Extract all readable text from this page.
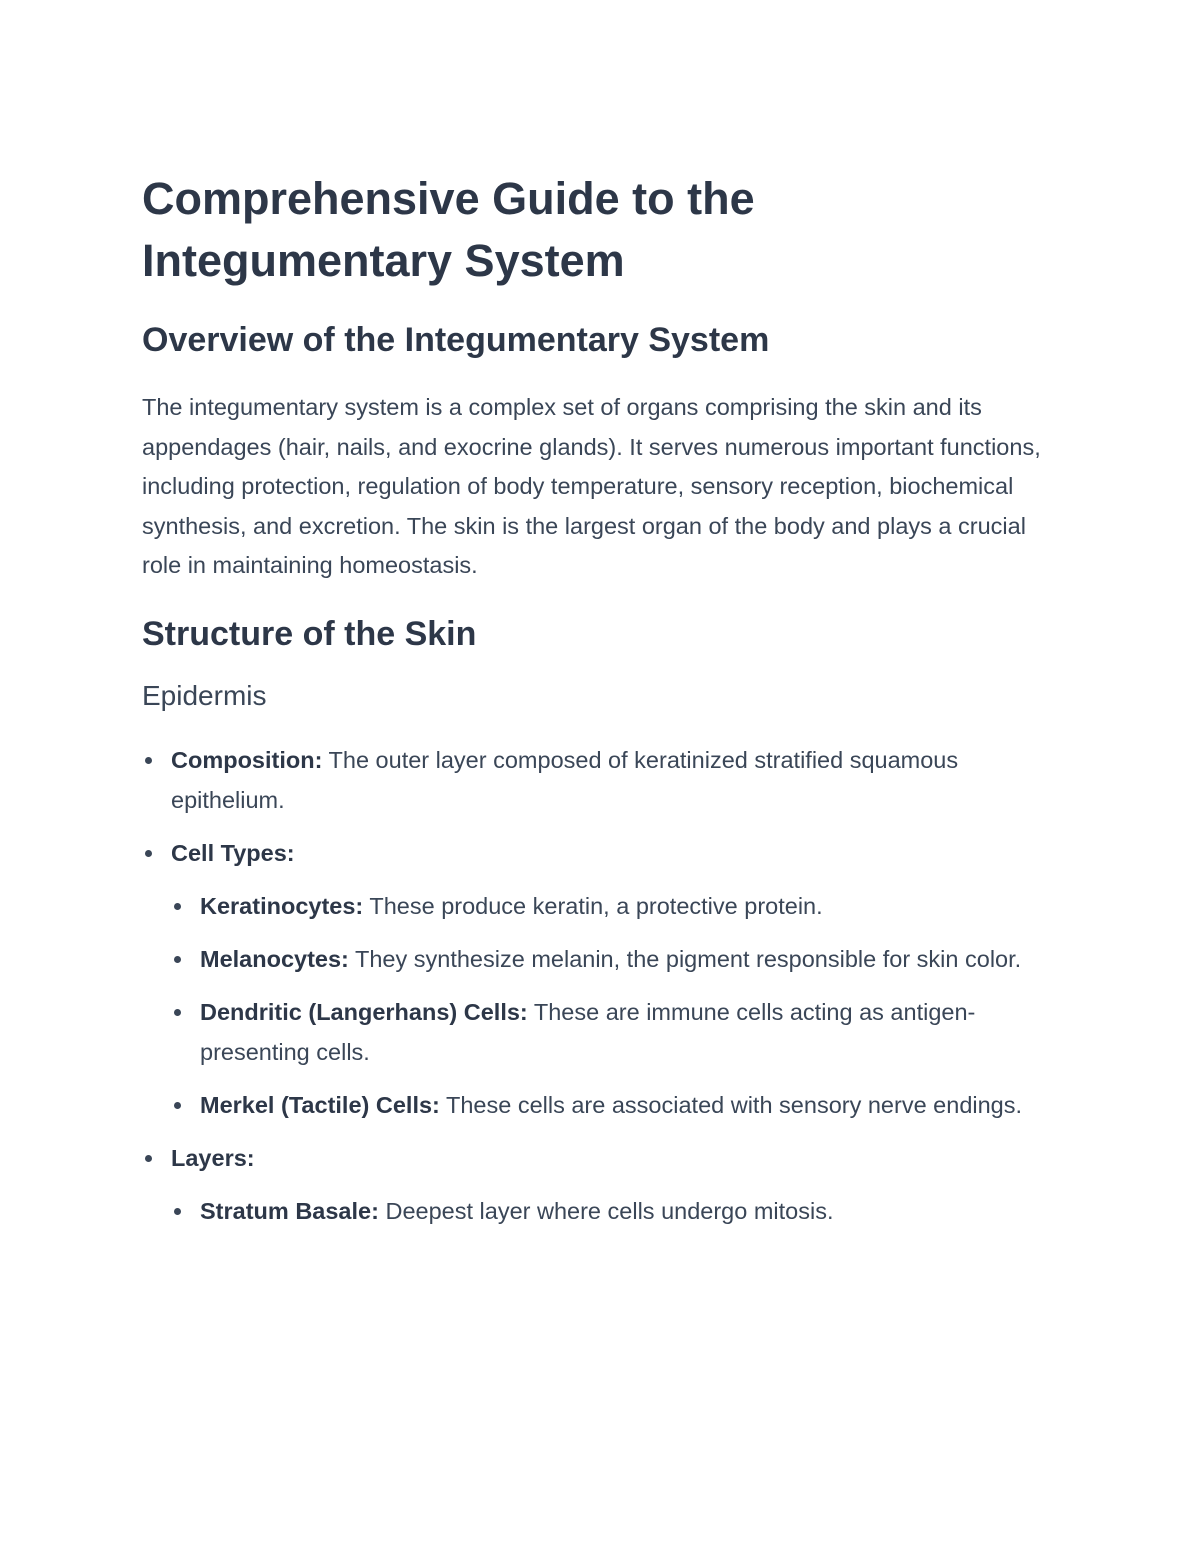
Comprehensive Guide to the Integumentary System
Overview of the Integumentary System

The integumentary system is a complex set of organs comprising the skin and its appendages (hair, nails, and exocrine glands). It serves numerous important functions, including protection, regulation of body temperature, sensory reception, biochemical synthesis, and excretion. The skin is the largest organ of the body and plays a crucial role in maintaining homeostasis.

Structure of the Skin
Epidermis
Composition: The outer layer composed of keratinized stratified squamous epithelium.
Cell Types:
Keratinocytes: These produce keratin, a protective protein.
Melanocytes: They synthesize melanin, the pigment responsible for skin color.
Dendritic (Langerhans) Cells: These are immune cells acting as antigen-presenting cells.
Merkel (Tactile) Cells: These cells are associated with sensory nerve endings.
Layers:
Stratum Basale: Deepest layer where cells undergo mitosis.
